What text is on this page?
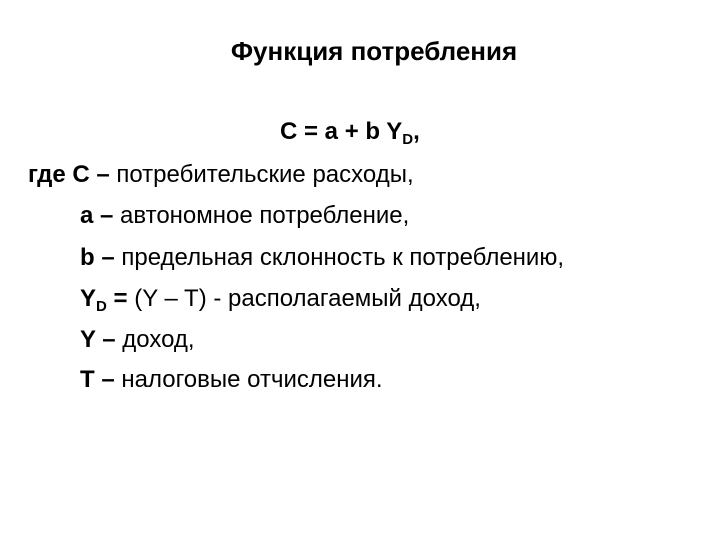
Функция потребления
C = a + b $Y_D$,
где С – потребительские расходы,
а – автономное потребление,
b – предельная склонность к потреблению,
$Y_D = (Y - T)$ - располагаемый доход,
Y – доход,
T – налоговые отчисления.
